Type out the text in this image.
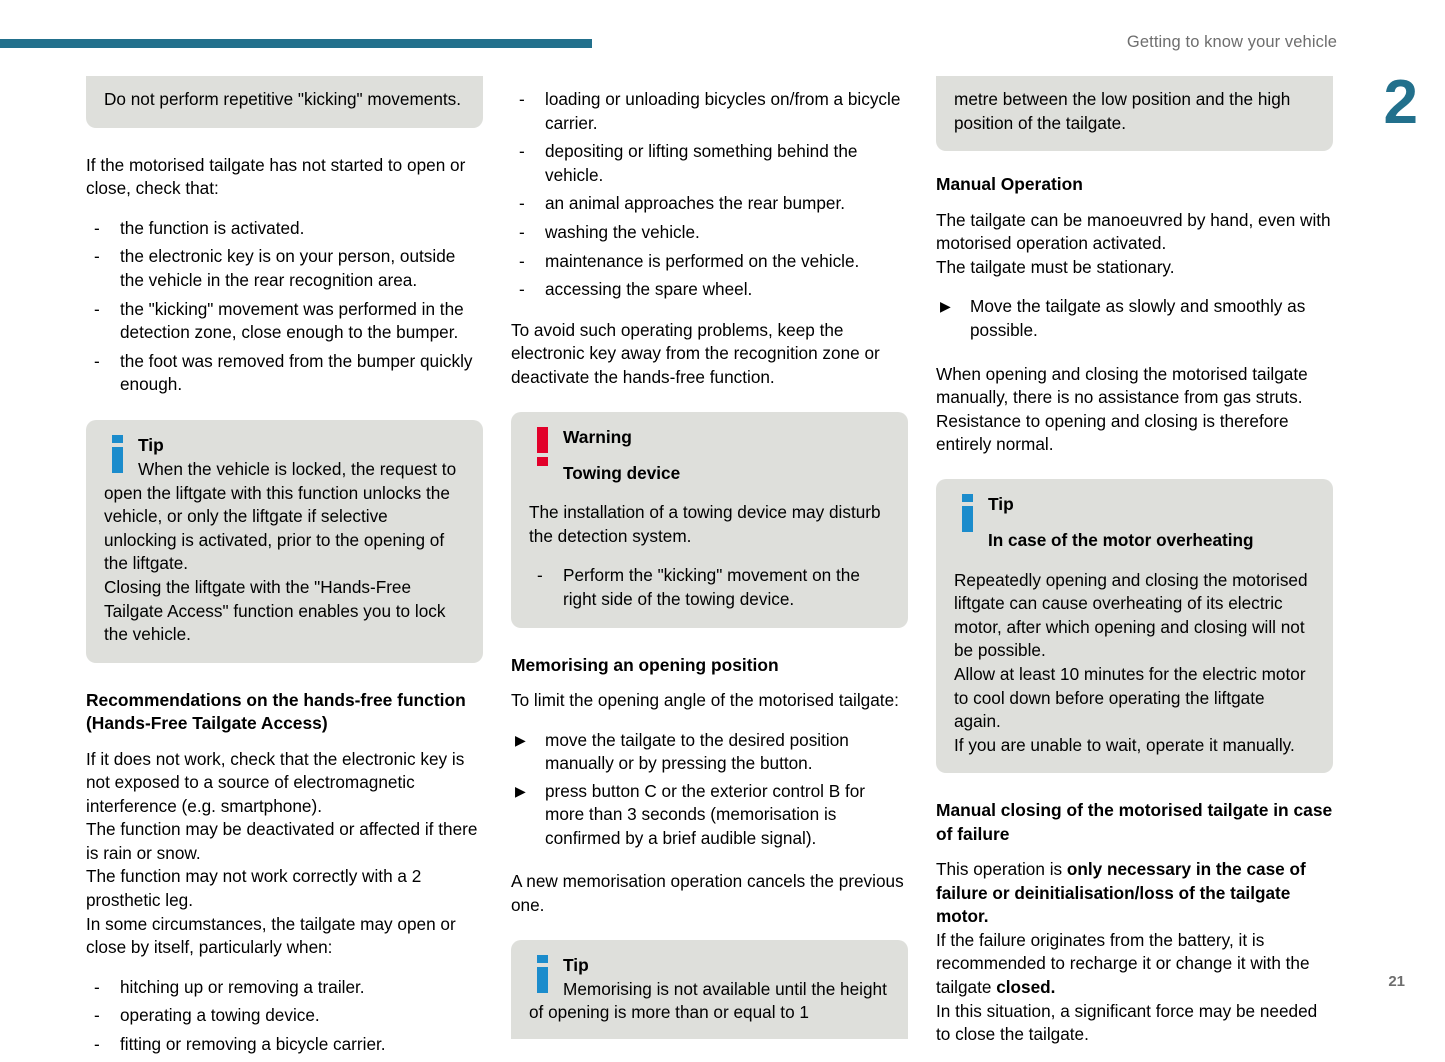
Getting to know your vehicle
2
21
Do not perform repetitive "kicking" movements.
If the motorised tailgate has not started to open or close, check that:
- the function is activated.
- the electronic key is on your person, outside the vehicle in the rear recognition area.
- the "kicking" movement was performed in the detection zone, close enough to the bumper.
- the foot was removed from the bumper quickly enough.
Tip
When the vehicle is locked, the request to open the liftgate with this function unlocks the vehicle, or only the liftgate if selective unlocking is activated, prior to the opening of the liftgate.
Closing the liftgate with the "Hands-Free Tailgate Access" function enables you to lock the vehicle.
Recommendations on the hands-free function (Hands-Free Tailgate Access)
If it does not work, check that the electronic key is not exposed to a source of electromagnetic interference (e.g. smartphone).
The function may be deactivated or affected if there is rain or snow.
The function may not work correctly with a 2 prosthetic leg.
In some circumstances, the tailgate may open or close by itself, particularly when:
- hitching up or removing a trailer.
- operating a towing device.
- fitting or removing a bicycle carrier.
- loading or unloading bicycles on/from a bicycle carrier.
- depositing or lifting something behind the vehicle.
- an animal approaches the rear bumper.
- washing the vehicle.
- maintenance is performed on the vehicle.
- accessing the spare wheel.
To avoid such operating problems, keep the electronic key away from the recognition zone or deactivate the hands-free function.
Warning
Towing device
The installation of a towing device may disturb the detection system.
- Perform the "kicking" movement on the right side of the towing device.
Memorising an opening position
To limit the opening angle of the motorised tailgate:
▶ move the tailgate to the desired position manually or by pressing the button.
▶ press button C or the exterior control B for more than 3 seconds (memorisation is confirmed by a brief audible signal).
A new memorisation operation cancels the previous one.
Tip
Memorising is not available until the height of opening is more than or equal to 1
metre between the low position and the high position of the tailgate.
Manual Operation
The tailgate can be manoeuvred by hand, even with motorised operation activated.
The tailgate must be stationary.
▶ Move the tailgate as slowly and smoothly as possible.
When opening and closing the motorised tailgate manually, there is no assistance from gas struts. Resistance to opening and closing is therefore entirely normal.
Tip
In case of the motor overheating
Repeatedly opening and closing the motorised liftgate can cause overheating of its electric motor, after which opening and closing will not be possible.
Allow at least 10 minutes for the electric motor to cool down before operating the liftgate again.
If you are unable to wait, operate it manually.
Manual closing of the motorised tailgate in case of failure
This operation is only necessary in the case of failure or deinitialisation/loss of the tailgate motor.
If the failure originates from the battery, it is recommended to recharge it or change it with the tailgate closed.
In this situation, a significant force may be needed to close the tailgate.
